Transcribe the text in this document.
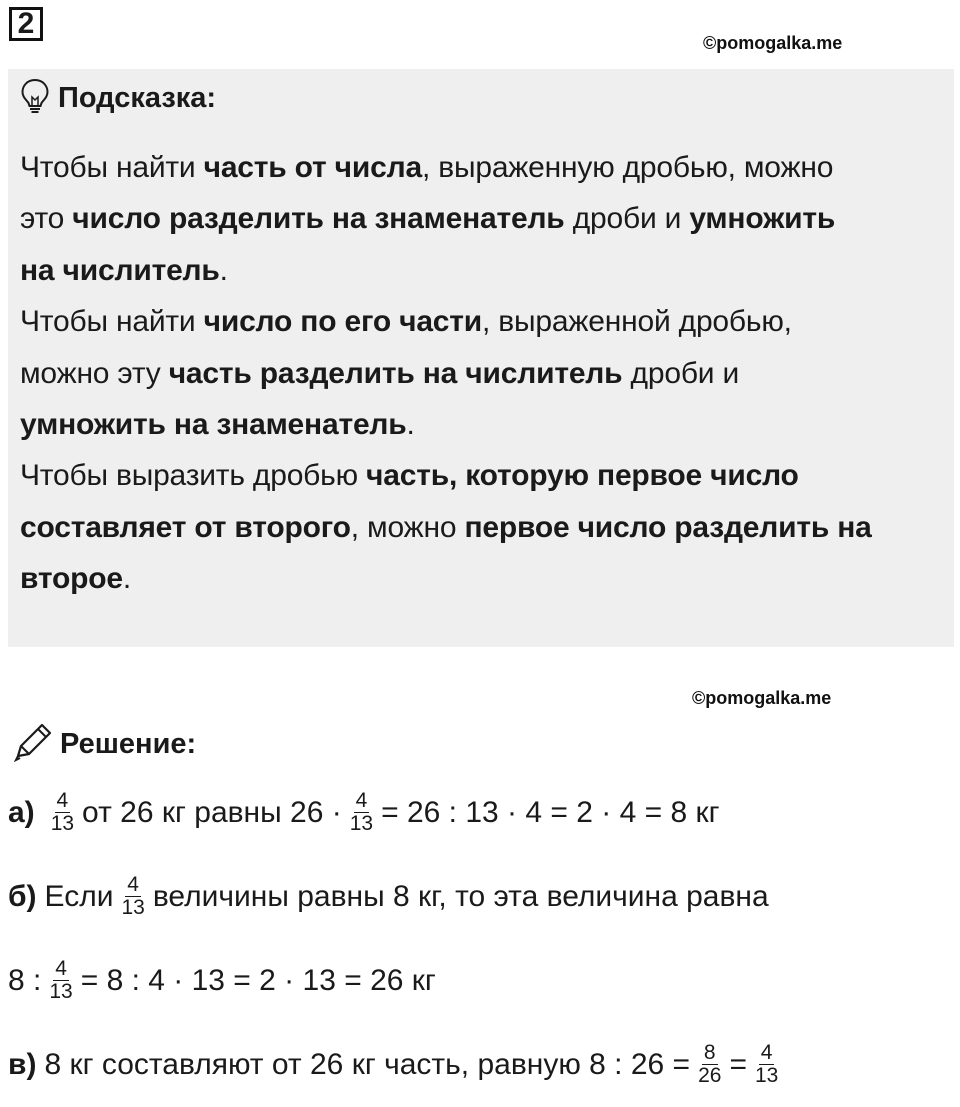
2
©pomogalka.me
Подсказка:
Чтобы найти часть от числа, выраженную дробью, можно
это число разделить на знаменатель дроби и умножить
на числитель.
Чтобы найти число по его части, выраженной дробью,
можно эту часть разделить на числитель дроби и
умножить на знаменатель.
Чтобы выразить дробью часть, которую первое число
составляет от второго, можно первое число разделить на
второе.
©pomogalka.me
Решение:
$а) \frac{4}{13}$ от 26 кг равны $26 \cdot \frac{4}{13} = 26$ : 13 · 4 = 2 · 4 = 8 кг
б) Если $\frac{4}{13}$ величины равны 8 кг, то эта величина равна
8 : $\frac{4}{13} = 8$ : 4 · 13 = 2 · 13 = 26 кг
в) 8 кг составляют от 26 кг часть, равную 8 : $26 = \frac{8}{26} = \frac{4}{13}$
